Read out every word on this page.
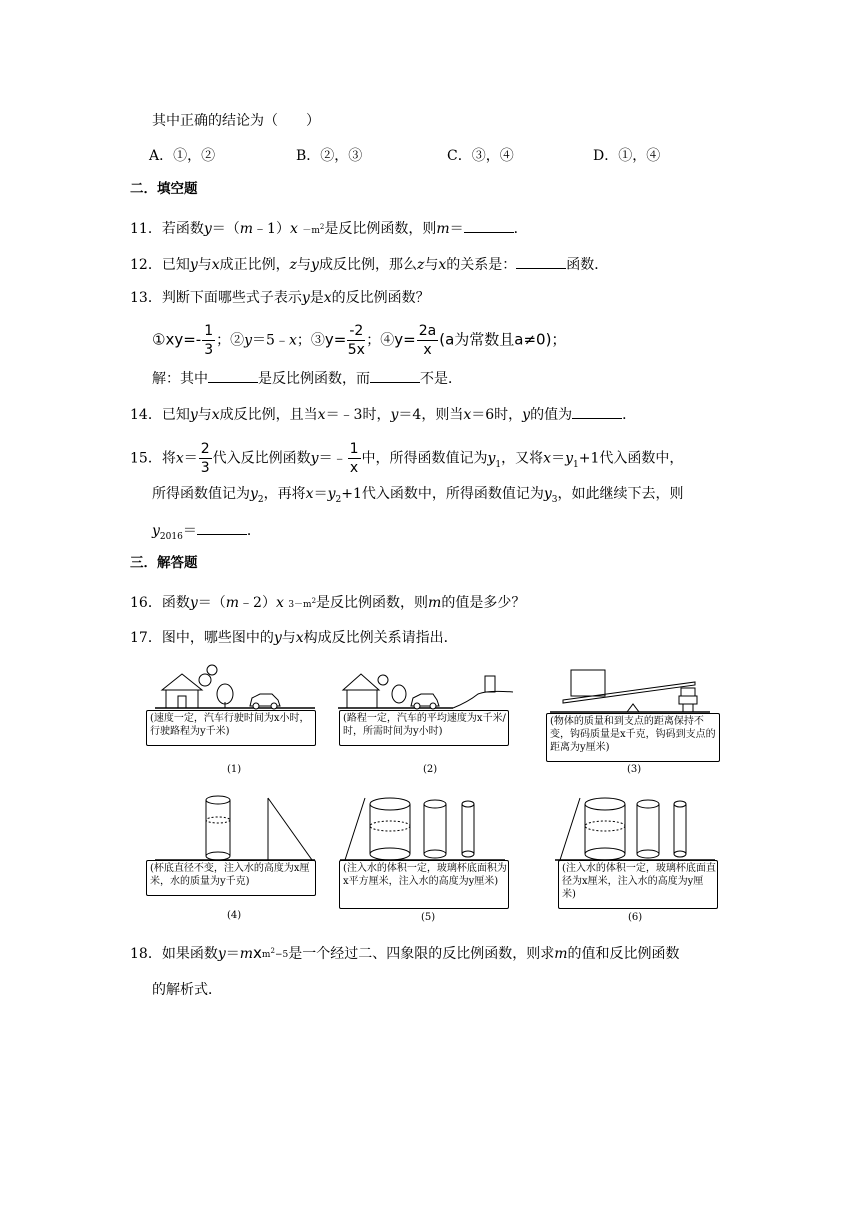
其中正确的结论为（　　）
A．①，②	B．②，③	C．③，④	D．①，④
二．填空题
11．若函数y＝（m﹣1）x $^{-m^2}$是反比例函数，则m＝	．
12．已知y与x成正比例，z与y成反比例，那么z与x的关系是：	函数．
13．判断下面哪些式子表示y是x的反比例函数？
①xy=- $\frac{1}{3}$ ；②y＝5﹣x；③y= $\frac{-2}{5x}$ ；④y= $\frac{2a}{x} (a$为常数且a≠0)；
解：其中	是反比例函数，而	不是．
14．已知y与x成反比例，且当x＝﹣3时，y＝4，则当x＝6时，y的值为	．
15．将$x= \frac{2}{3}$ 代入反比例函数y＝﹣ $\frac{1}{x}$ 中，所得函数值记为$y_1$，又将$x=y_1+1$代入函数中，
所得函数值记为$y_2$，再将$x=y_2+1$代入函数中，所得函数值记为$y_3$，如此继续下去，则
$y_{2016}=$	．
三．解答题
16．函数y＝（m﹣2）x $^{3-m^2}$是反比例函数，则m的值是多少？
17．图中，哪些图中的y与x构成反比例关系请指出．
(速度一定，汽车行驶时间为x小时，行驶路程为y千米)
(1)
(路程一定，汽车的平均速度为x千米/时，所需时间为y小时)
(2)
(物体的质量和到支点的距离保持不变，钩码质量是x千克，钩码到支点的距离为y厘米)
(3)
(杯底直径不变，注入水的高度为x厘米，水的质量为y千克)
(4)
(注入水的体积一定，玻璃杯底面积为x平方厘米，注入水的高度为y厘米)
(5)
(注入水的体积一定，玻璃杯底面直径为x厘米，注入水的高度为y厘米)
(6)
18．如果函数$y=mx^{m^2-5}$是一个经过二、四象限的反比例函数，则求m的值和反比例函数
的解析式．
